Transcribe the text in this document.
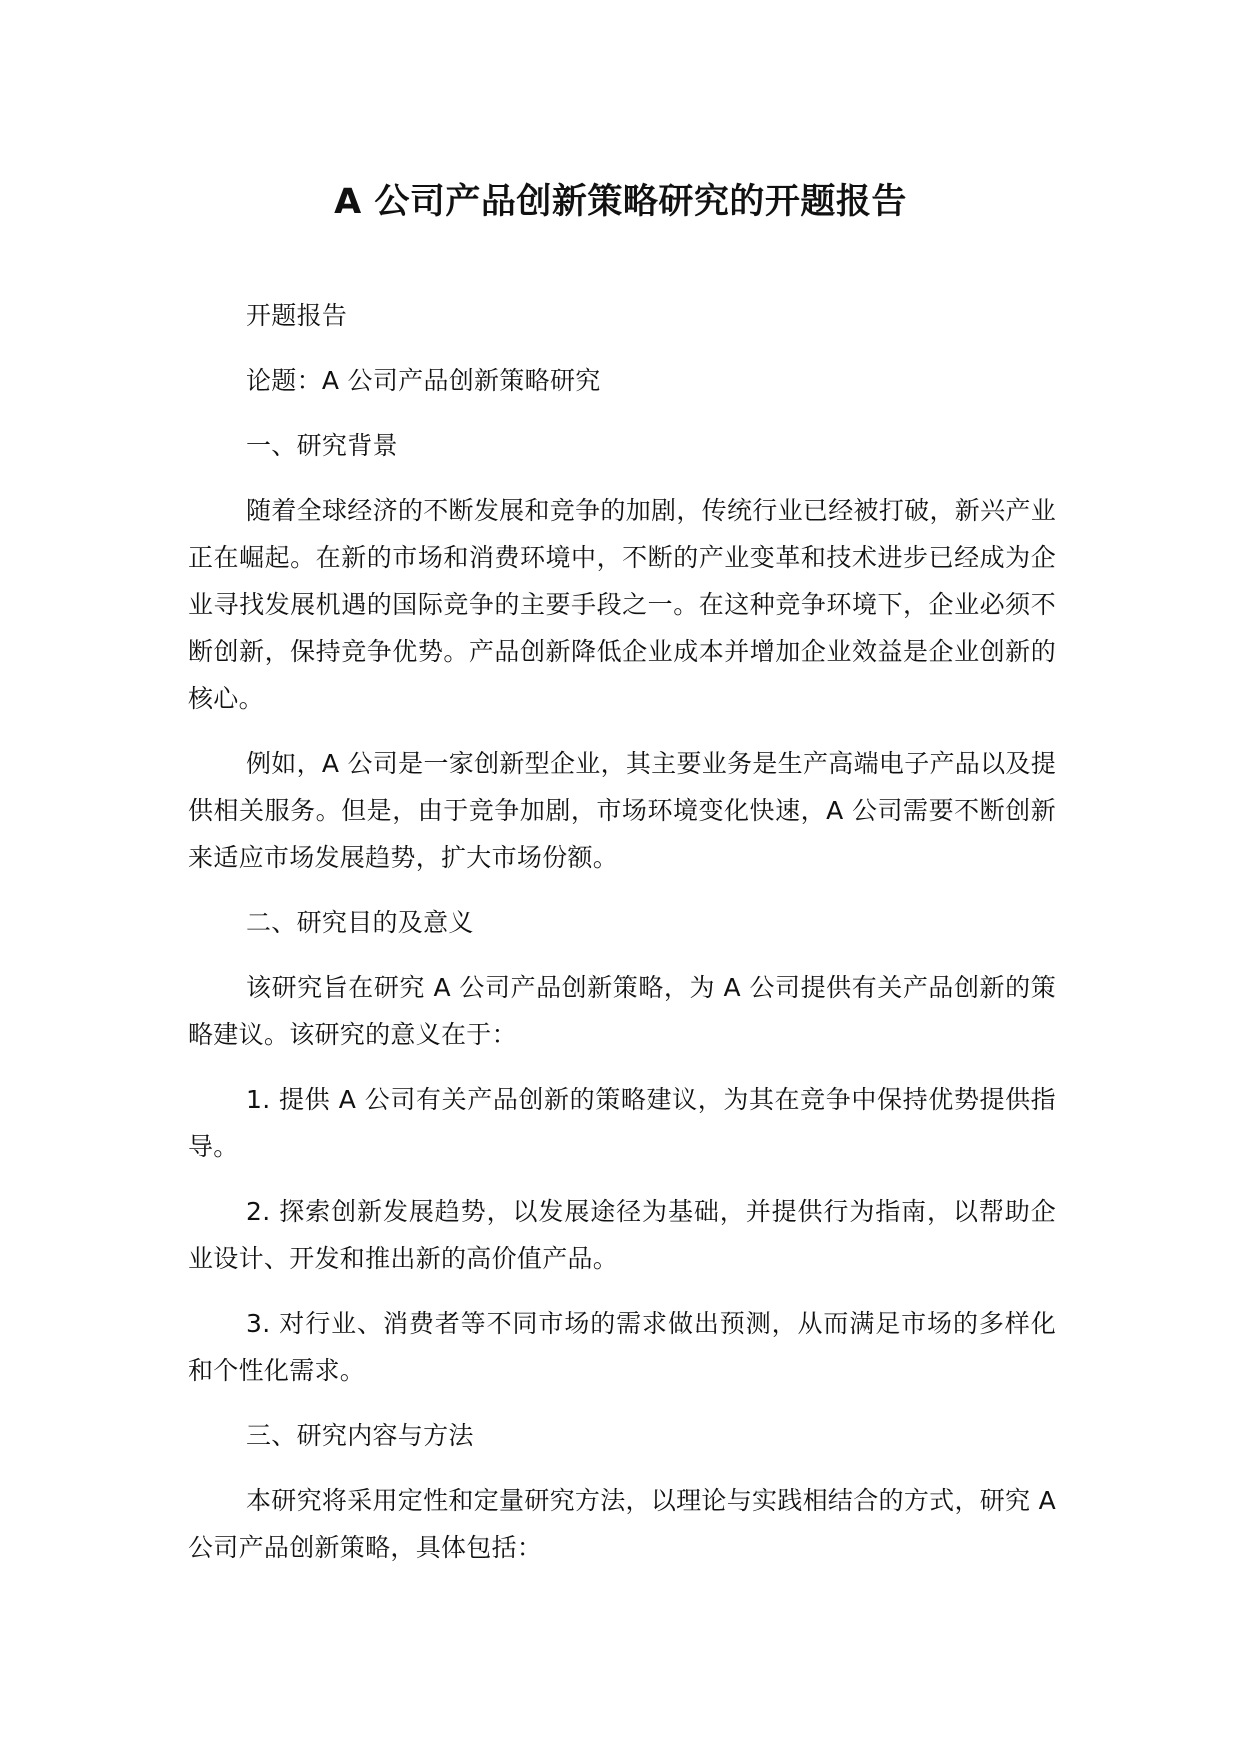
A 公司产品创新策略研究的开题报告

开题报告

论题：A 公司产品创新策略研究

一、研究背景

随着全球经济的不断发展和竞争的加剧，传统行业已经被打破，新兴产业正在崛起。在新的市场和消费环境中，不断的产业变革和技术进步已经成为企业寻找发展机遇的国际竞争的主要手段之一。在这种竞争环境下，企业必须不断创新，保持竞争优势。产品创新降低企业成本并增加企业效益是企业创新的核心。

例如，A 公司是一家创新型企业，其主要业务是生产高端电子产品以及提供相关服务。但是，由于竞争加剧，市场环境变化快速，A 公司需要不断创新来适应市场发展趋势，扩大市场份额。

二、研究目的及意义

该研究旨在研究 A 公司产品创新策略，为 A 公司提供有关产品创新的策略建议。该研究的意义在于：

1. 提供 A 公司有关产品创新的策略建议，为其在竞争中保持优势提供指导。

2. 探索创新发展趋势，以发展途径为基础，并提供行为指南，以帮助企业设计、开发和推出新的高价值产品。

3. 对行业、消费者等不同市场的需求做出预测，从而满足市场的多样化和个性化需求。

三、研究内容与方法

本研究将采用定性和定量研究方法，以理论与实践相结合的方式，研究 A 公司产品创新策略，具体包括：
